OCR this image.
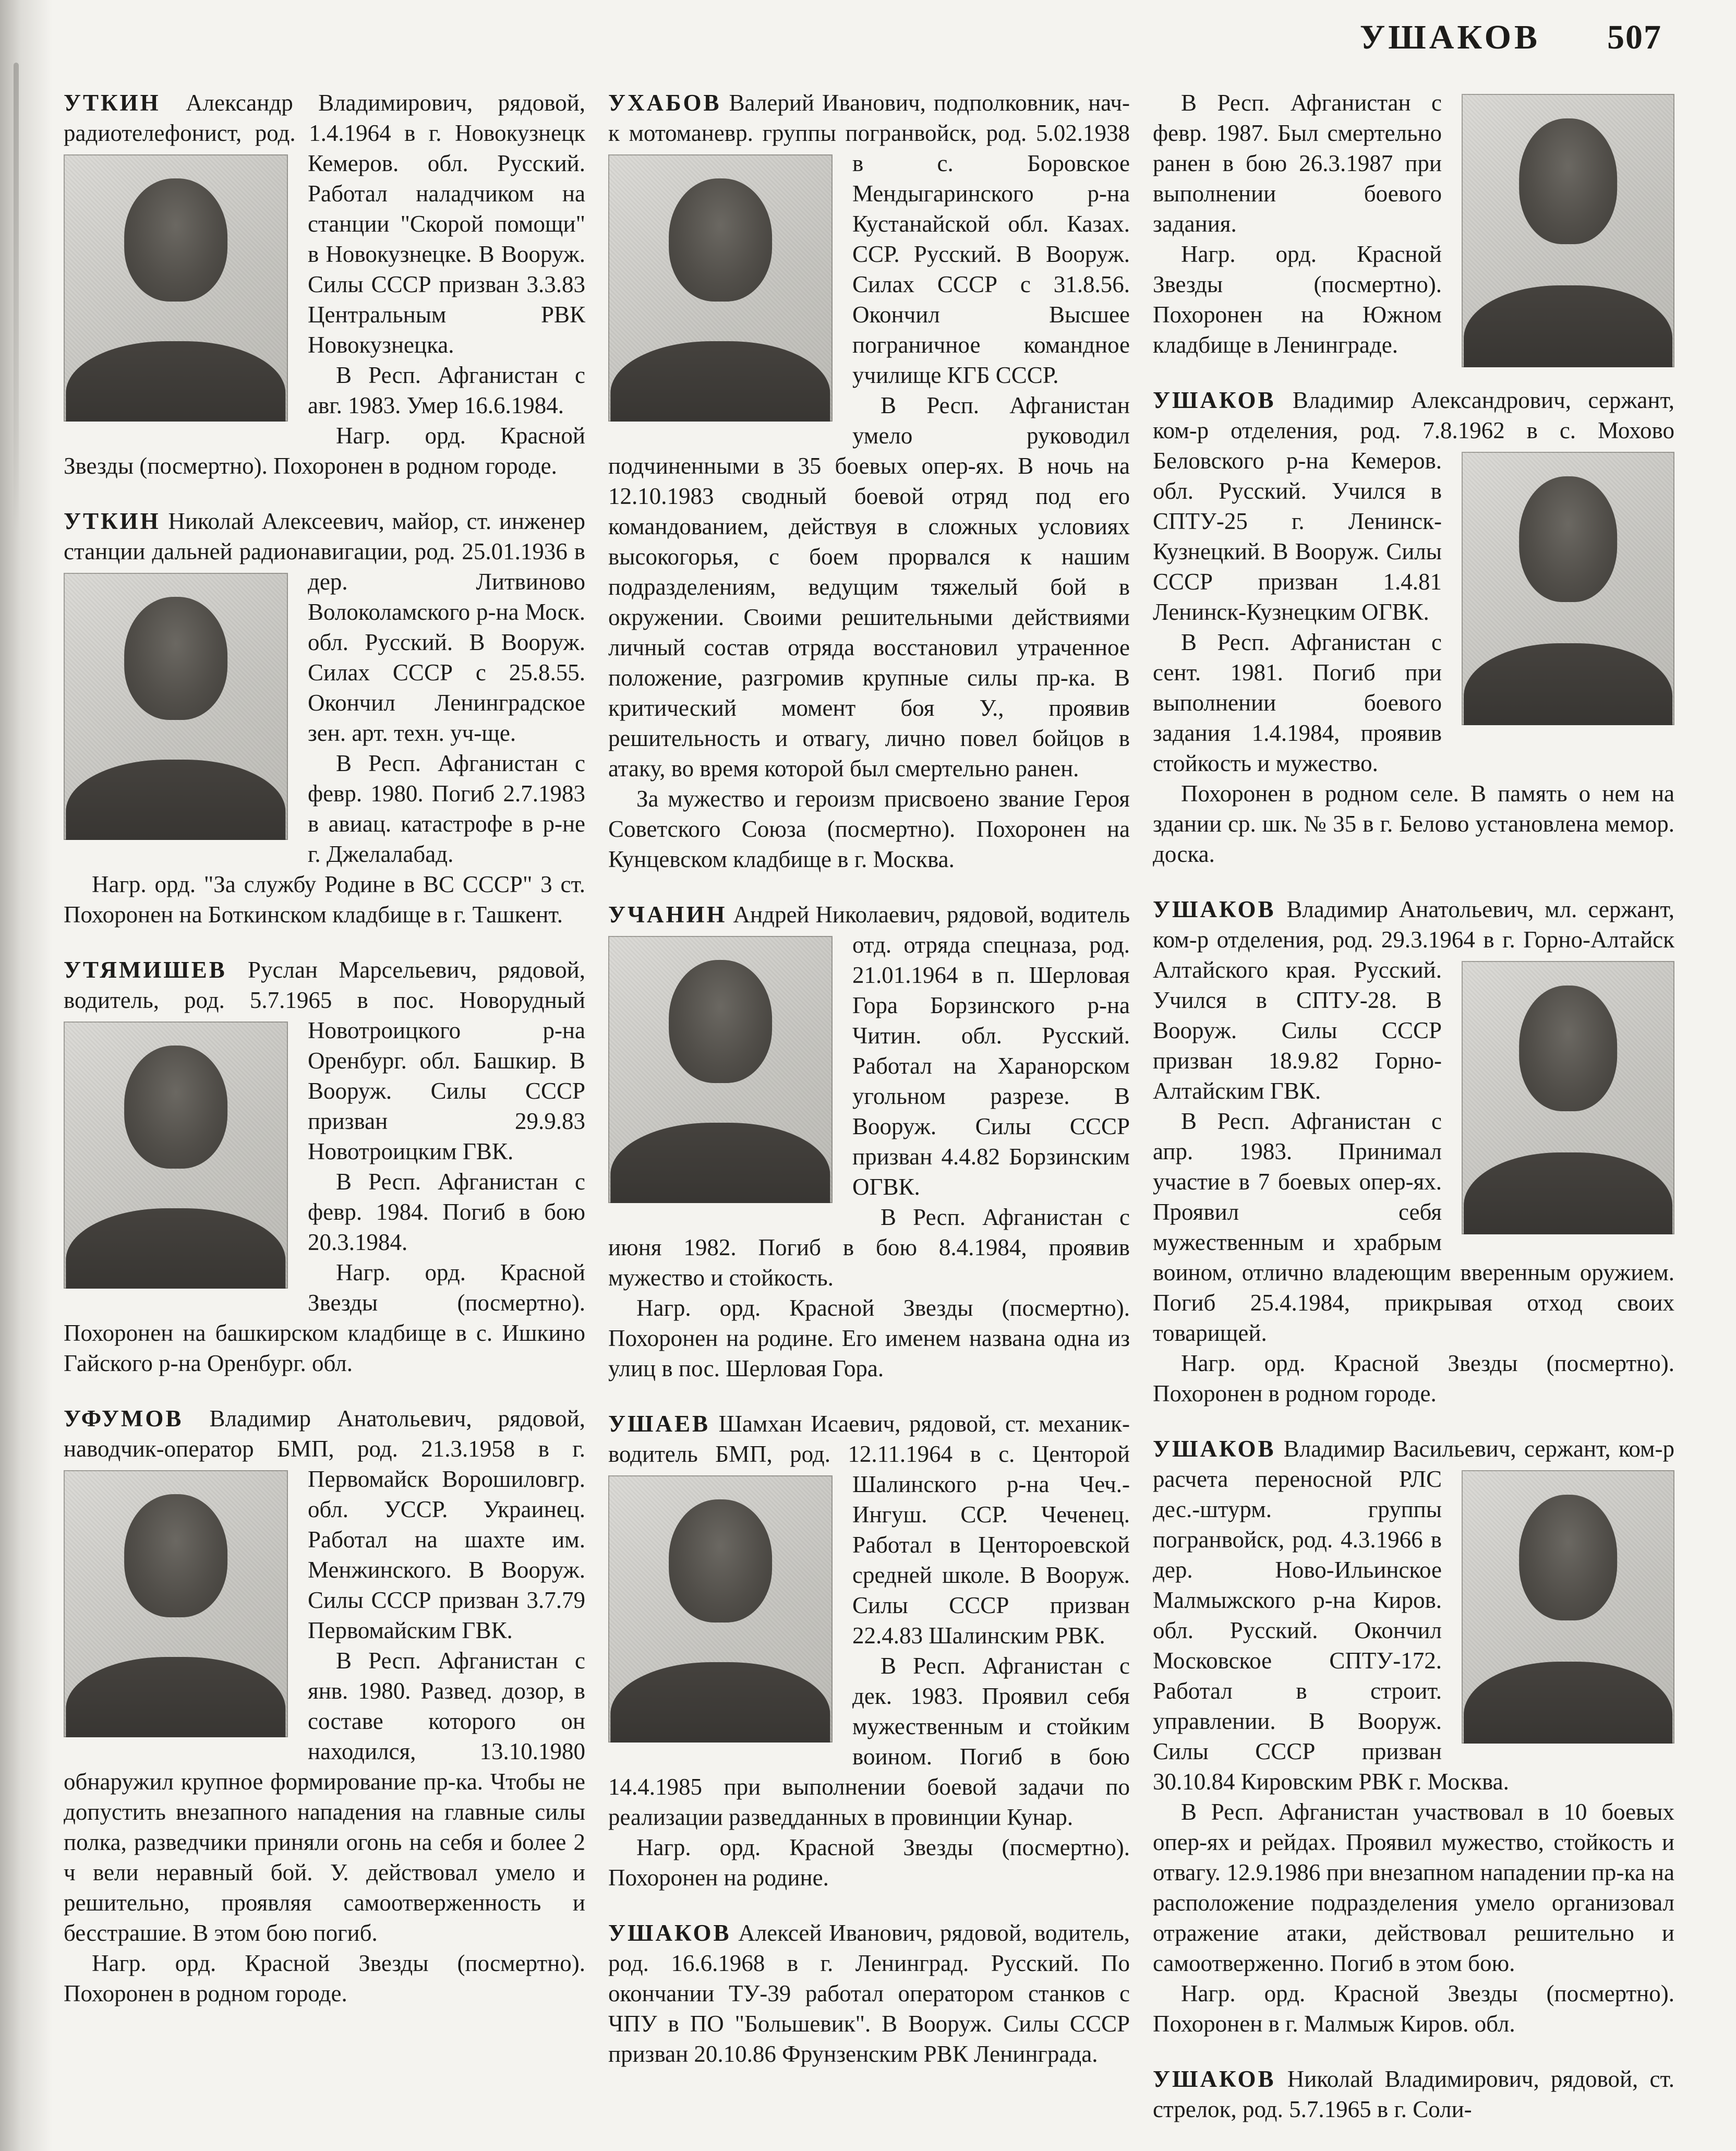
УШАКОВ 507

УТКИН Александр Владимирович, рядовой, радиотелефонист, род. 1.4.1964 в г. Новокузнецк Кемеров. обл. Русский. Работал наладчиком на станции "Скорой помощи" в Новокузнецке. В Вооруж. Силы СССР призван 3.3.83 Центральным РВК Новокузнецка.

В Респ. Афганистан с авг. 1983. Умер 16.6.1984.

Нагр. орд. Красной Звезды (посмертно). Похоронен в родном городе.

УТКИН Николай Алексеевич, майор, ст. инженер станции дальней радионавигации, род. 25.01.1936 в дер. Литвиново Волоколамского р-на Моск. обл. Русский. В Вооруж. Силах СССР с 25.8.55. Окончил Ленинградское зен. арт. техн. уч-ще.

В Респ. Афганистан с февр. 1980. Погиб 2.7.1983 в авиац. катастрофе в р-не г. Джелалабад.

Нагр. орд. "За службу Родине в ВС СССР" 3 ст. Похоронен на Боткинском кладбище в г. Ташкент.

УТЯМИШЕВ Руслан Марсельевич, рядовой, водитель, род. 5.7.1965 в пос. Новорудный Новотроицкого р-на Оренбург. обл. Башкир. В Вооруж. Силы СССР призван 29.9.83 Новотроицким ГВК.

В Респ. Афганистан с февр. 1984. Погиб в бою 20.3.1984.

Нагр. орд. Красной Звезды (посмертно). Похоронен на башкирском кладбище в с. Ишкино Гайского р-на Оренбург. обл.

УФУМОВ Владимир Анатольевич, рядовой, наводчик-оператор БМП, род. 21.3.1958 в г. Первомайск Ворошиловгр. обл. УССР. Украинец. Работал на шахте им. Менжинского. В Вооруж. Силы СССР призван 3.7.79 Первомайским ГВК.

В Респ. Афганистан с янв. 1980. Развед. дозор, в составе которого он находился, 13.10.1980 обнаружил крупное формирование пр-ка. Чтобы не допустить внезапного нападения на главные силы полка, разведчики приняли огонь на себя и более 2 ч вели неравный бой. У. действовал умело и решительно, проявляя самоотверженность и бесстрашие. В этом бою погиб.

Нагр. орд. Красной Звезды (посмертно). Похоронен в родном городе.

УХАБОВ Валерий Иванович, подполковник, нач-к мотоманевр. группы погранвойск, род. 5.02.1938 в с. Боровское Мендыгаринского р-на Кустанайской обл. Казах. ССР. Русский. В Вооруж. Силах СССР с 31.8.56. Окончил Высшее пограничное командное училище КГБ СССР.

В Респ. Афганистан умело руководил подчиненными в 35 боевых опер-ях. В ночь на 12.10.1983 сводный боевой отряд под его командованием, действуя в сложных условиях высокогорья, с боем прорвался к нашим подразделениям, ведущим тяжелый бой в окружении. Своими решительными действиями личный состав отряда восстановил утраченное положение, разгромив крупные силы пр-ка. В критический момент боя У., проявив решительность и отвагу, лично повел бойцов в атаку, во время которой был смертельно ранен.

За мужество и героизм присвоено звание Героя Советского Союза (посмертно). Похоронен на Кунцевском кладбище в г. Москва.

УЧАНИН Андрей Николаевич, рядовой, водитель отд. отряда спецназа, род.
21.01.1964 в п. Шерловая Гора Борзинского р-на Читин. обл. Русский. Работал на Харанорском угольном разрезе. В Вооруж. Силы СССР призван 4.4.82 Борзинским ОГВК.

В Респ. Афганистан с июня 1982. Погиб в бою 8.4.1984, проявив мужество и стойкость.

Нагр. орд. Красной Звезды (посмертно). Похоронен на родине. Его именем названа одна из улиц в пос. Шерловая Гора.

УШАЕВ Шамхан Исаевич, рядовой, ст. механик-водитель БМП, род. 12.11.1964 в с. Центорой Шалинского р-на Чеч.-Ингуш. ССР. Чеченец. Работал в Центороевской средней школе. В Вооруж. Силы СССР призван 22.4.83 Шалинским РВК.

В Респ. Афганистан с дек. 1983. Проявил себя мужественным и стойким воином. Погиб в бою 14.4.1985 при выполнении боевой задачи по реализации разведданных в провинции Кунар.

Нагр. орд. Красной Звезды (посмертно). Похоронен на родине.

УШАКОВ Алексей Иванович, рядовой, водитель, род. 16.6.1968 в г. Ленинград. Русский. По окончании ТУ-39 работал оператором станков с ЧПУ в ПО "Большевик". В Вооруж. Силы СССР призван 20.10.86 Фрунзенским РВК Ленинграда.

В Респ. Афганистан с февр. 1987. Был смертельно ранен в бою 26.3.1987 при выполнении боевого задания.

Нагр. орд. Красной Звезды (посмертно). Похоронен на Южном кладбище в Ленинграде.

УШАКОВ Владимир Александрович, сержант, ком-р отделения, род. 7.8.1962 в с. Мохово Беловского р-на Кемеров. обл. Русский. Учился в СПТУ-25 г. Ленинск-Кузнецкий. В Вооруж. Силы СССР призван 1.4.81 Ленинск-Кузнецким ОГВК.

В Респ. Афганистан с сент. 1981. Погиб при выполнении боевого задания 1.4.1984, проявив стойкость и мужество.

Похоронен в родном селе. В память о нем на здании ср. шк. № 35 в г. Белово установлена мемор. доска.

УШАКОВ Владимир Анатольевич, мл. сержант, ком-р отделения, род. 29.3.1964 в г. Горно-Алтайск Алтайского края. Русский. Учился в СПТУ-28. В Вооруж. Силы СССР призван 18.9.82 Горно-Алтайским ГВК.

В Респ. Афганистан с апр. 1983. Принимал участие в 7 боевых опер-ях. Проявил себя мужественным и храбрым воином, отлично владеющим вверенным оружием. Погиб 25.4.1984, прикрывая отход своих товарищей.

Нагр. орд. Красной Звезды (посмертно). Похоронен в родном городе.

УШАКОВ Владимир Васильевич, сержант, ком-р расчета переносной РЛС
дес.-штурм. группы погранвойск, род. 4.3.1966 в дер. Ново-Ильинское Малмыжского р-на Киров. обл. Русский. Окончил Московское СПТУ-172. Работал в строит. управлении. В Вооруж. Силы СССР призван 30.10.84 Кировским РВК г. Москва.

В Респ. Афганистан участвовал в 10 боевых опер-ях и рейдах. Проявил мужество, стойкость и отвагу. 12.9.1986 при внезапном нападении пр-ка на расположение подразделения умело организовал отражение атаки, действовал решительно и самоотверженно. Погиб в этом бою.

Нагр. орд. Красной Звезды (посмертно). Похоронен в г. Малмыж Киров. обл.

УШАКОВ Николай Владимирович, рядовой, ст. стрелок, род. 5.7.1965 в г. Соли-
